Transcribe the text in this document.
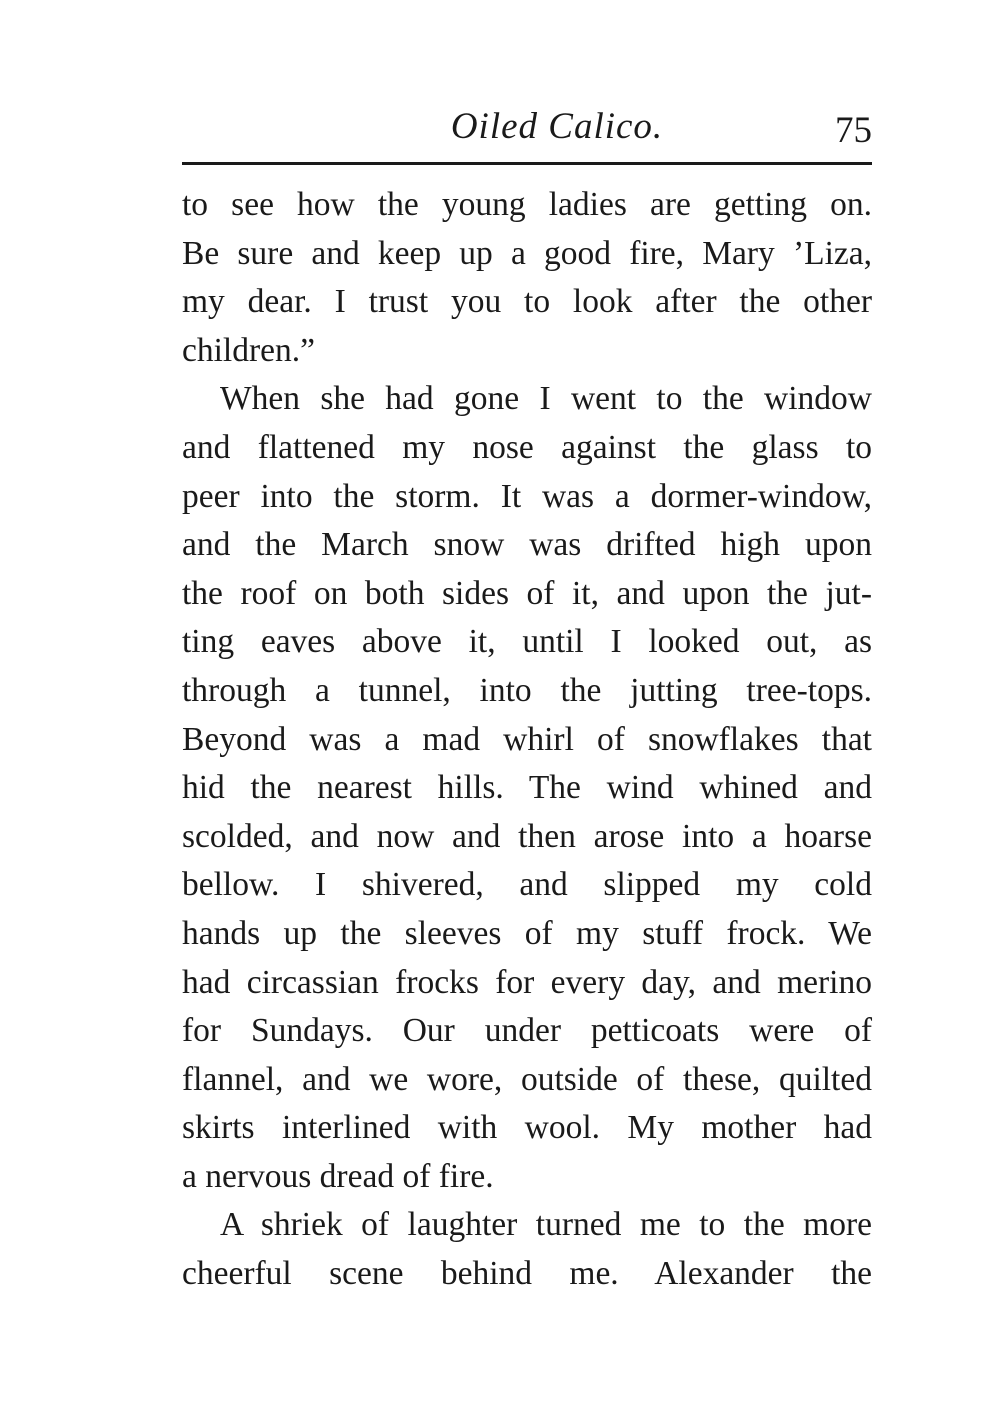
Oiled Calico.	75
to see how the young ladies are getting on.
Be sure and keep up a good fire, Mary ’Liza,
my dear. I trust you to look after the other
children.”
When she had gone I went to the window
and flattened my nose against the glass to
peer into the storm. It was a dormer-window,
and the March snow was drifted high upon
the roof on both sides of it, and upon the jut-
ting eaves above it, until I looked out, as
through a tunnel, into the jutting tree-tops.
Beyond was a mad whirl of snowflakes that
hid the nearest hills. The wind whined and
scolded, and now and then arose into a hoarse
bellow. I shivered, and slipped my cold
hands up the sleeves of my stuff frock. We
had circassian frocks for every day, and merino
for Sundays. Our under petticoats were of
flannel, and we wore, outside of these, quilted
skirts interlined with wool. My mother had
a nervous dread of fire.
A shriek of laughter turned me to the more
cheerful scene behind me. Alexander the
